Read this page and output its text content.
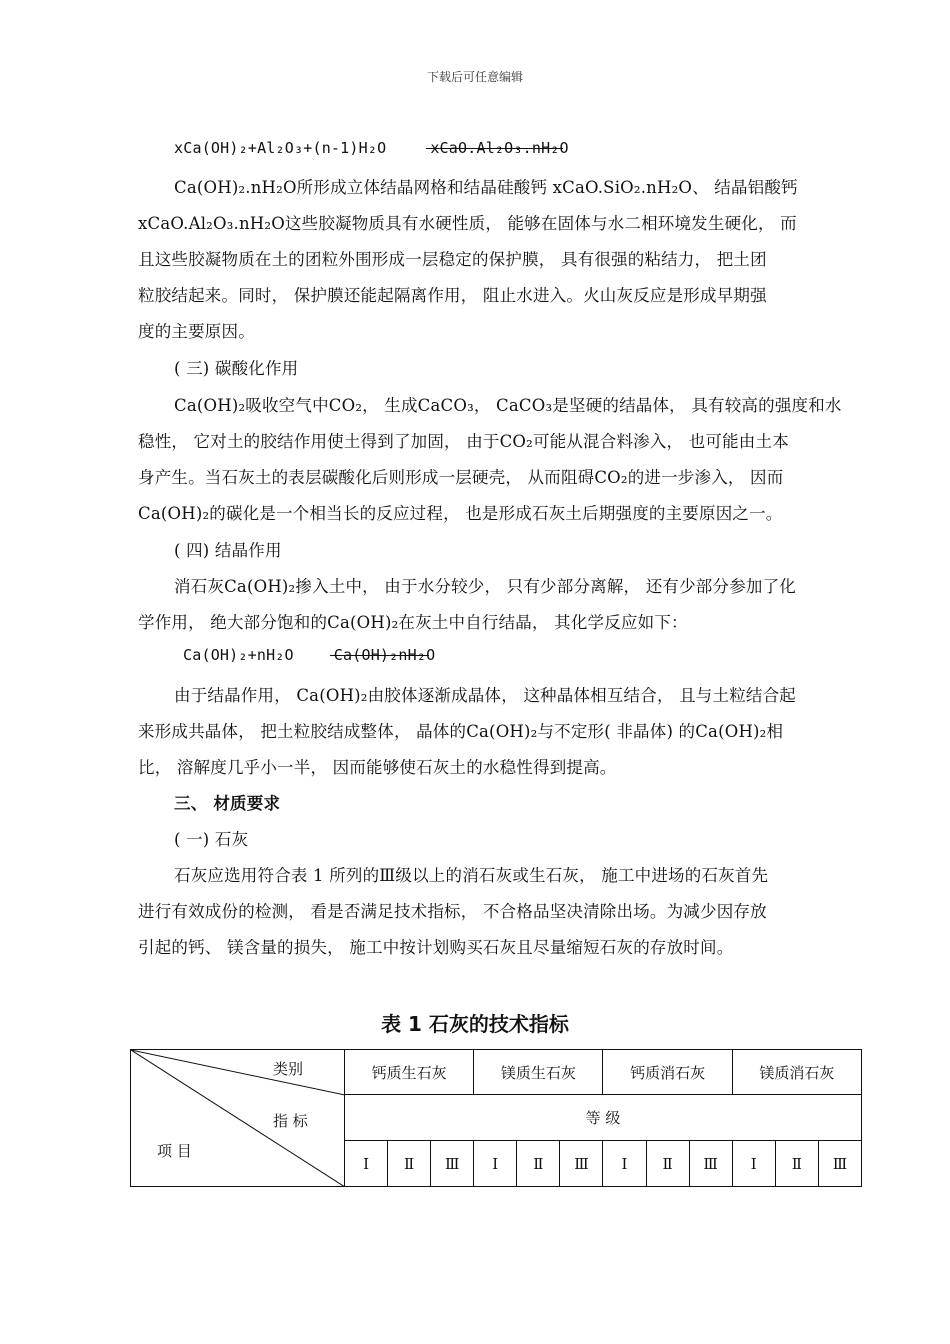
下载后可任意编辑
xCa(OH)₂+Al₂O₃+(n-1)H₂O	xCaO.Al₂O₃.nH₂O
Ca(OH)₂.nH₂O所形成立体结晶网格和结晶硅酸钙 xCaO.SiO₂.nH₂O、 结晶铝酸钙
xCaO.Al₂O₃.nH₂O这些胶凝物质具有水硬性质， 能够在固体与水二相环境发生硬化， 而
且这些胶凝物质在土的团粒外围形成一层稳定的保护膜， 具有很强的粘结力， 把土团
粒胶结起来。同时， 保护膜还能起隔离作用， 阻止水进入。火山灰反应是形成早期强
度的主要原因。
( 三) 碳酸化作用
Ca(OH)₂吸收空气中CO₂， 生成CaCO₃， CaCO₃是坚硬的结晶体， 具有较高的强度和水
稳性， 它对土的胶结作用使土得到了加固， 由于CO₂可能从混合料渗入， 也可能由土本
身产生。当石灰土的表层碳酸化后则形成一层硬壳， 从而阻碍CO₂的进一步渗入， 因而
Ca(OH)₂的碳化是一个相当长的反应过程， 也是形成石灰土后期强度的主要原因之一。
( 四) 结晶作用
消石灰Ca(OH)₂掺入土中， 由于水分较少， 只有少部分离解， 还有少部分参加了化
学作用， 绝大部分饱和的Ca(OH)₂在灰土中自行结晶， 其化学反应如下：
Ca(OH)₂+nH₂O	Ca(OH)₂nH₂O
由于结晶作用， Ca(OH)₂由胶体逐渐成晶体， 这种晶体相互结合， 且与土粒结合起
来形成共晶体， 把土粒胶结成整体， 晶体的Ca(OH)₂与不定形( 非晶体) 的Ca(OH)₂相
比， 溶解度几乎小一半， 因而能够使石灰土的水稳性得到提高。
三、 材质要求
( 一) 石灰
石灰应选用符合表 1 所列的Ⅲ级以上的消石灰或生石灰， 施工中进场的石灰首先
进行有效成份的检测， 看是否满足技术指标， 不合格品坚决清除出场。为减少因存放
引起的钙、 镁含量的损失， 施工中按计划购买石灰且尽量缩短石灰的存放时间。
表 1 石灰的技术指标
类别
指 标
项 目	钙质生石灰			镁质生石灰			钙质消石灰			镁质消石灰		
	等 级											
	Ⅰ	Ⅱ	Ⅲ	Ⅰ	Ⅱ	Ⅲ	Ⅰ	Ⅱ	Ⅲ	Ⅰ	Ⅱ	Ⅲ
